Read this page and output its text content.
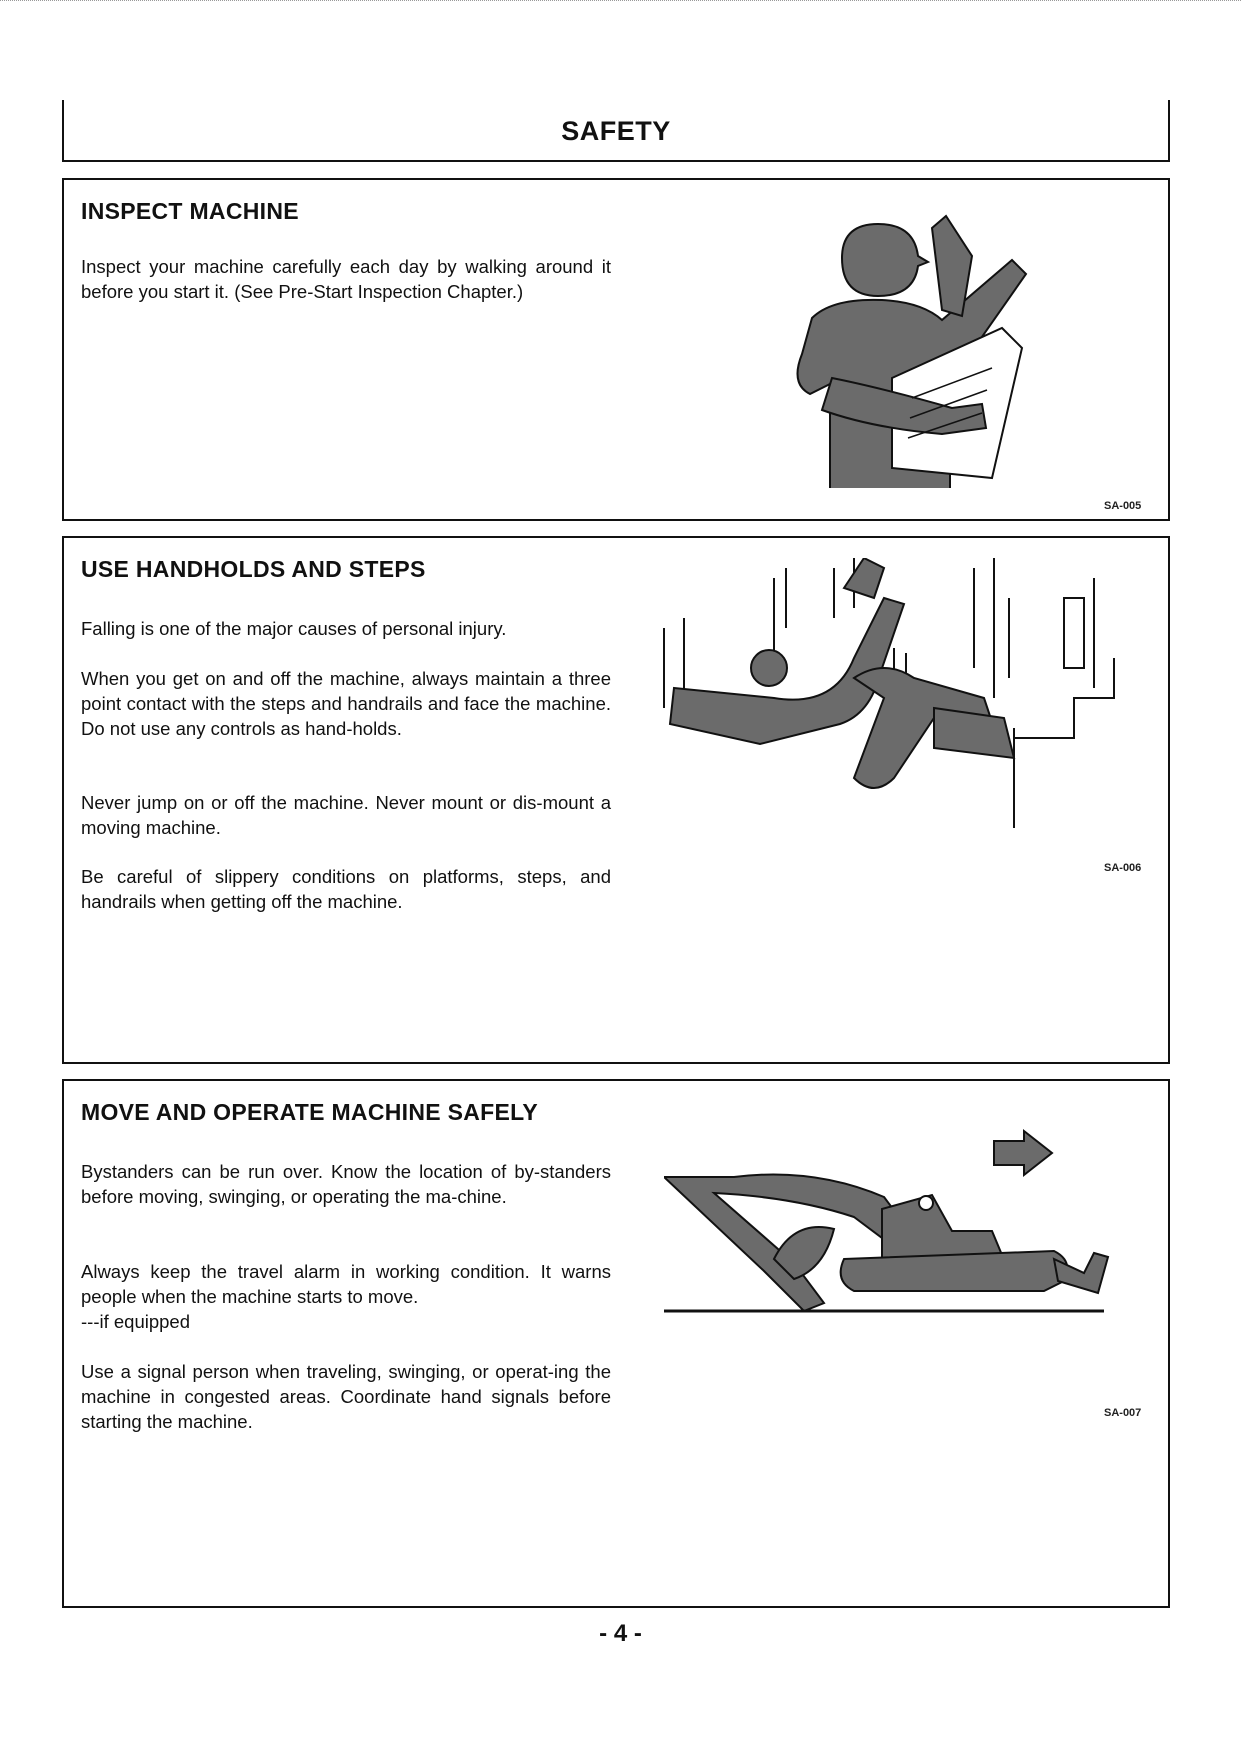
SAFETY
INSPECT MACHINE

Inspect your machine carefully each day by walking around it before you start it. (See Pre-Start Inspection Chapter.)

SA-005
USE HANDHOLDS AND STEPS

Falling is one of the major causes of personal injury.

When you get on and off the machine, always maintain a three point contact with the steps and handrails and face the machine. Do not use any controls as hand-holds.

Never jump on or off the machine. Never mount or dis-mount a moving machine.

Be careful of slippery conditions on platforms, steps, and handrails when getting off the machine.

SA-006
MOVE AND OPERATE MACHINE SAFELY

Bystanders can be run over. Know the location of by-standers before moving, swinging, or operating the ma-chine.

Always keep the travel alarm in working condition. It warns people when the machine starts to move.

---if equipped

Use a signal person when traveling, swinging, or operat-ing the machine in congested areas. Coordinate hand signals before starting the machine.	SA-007
- 4 -
